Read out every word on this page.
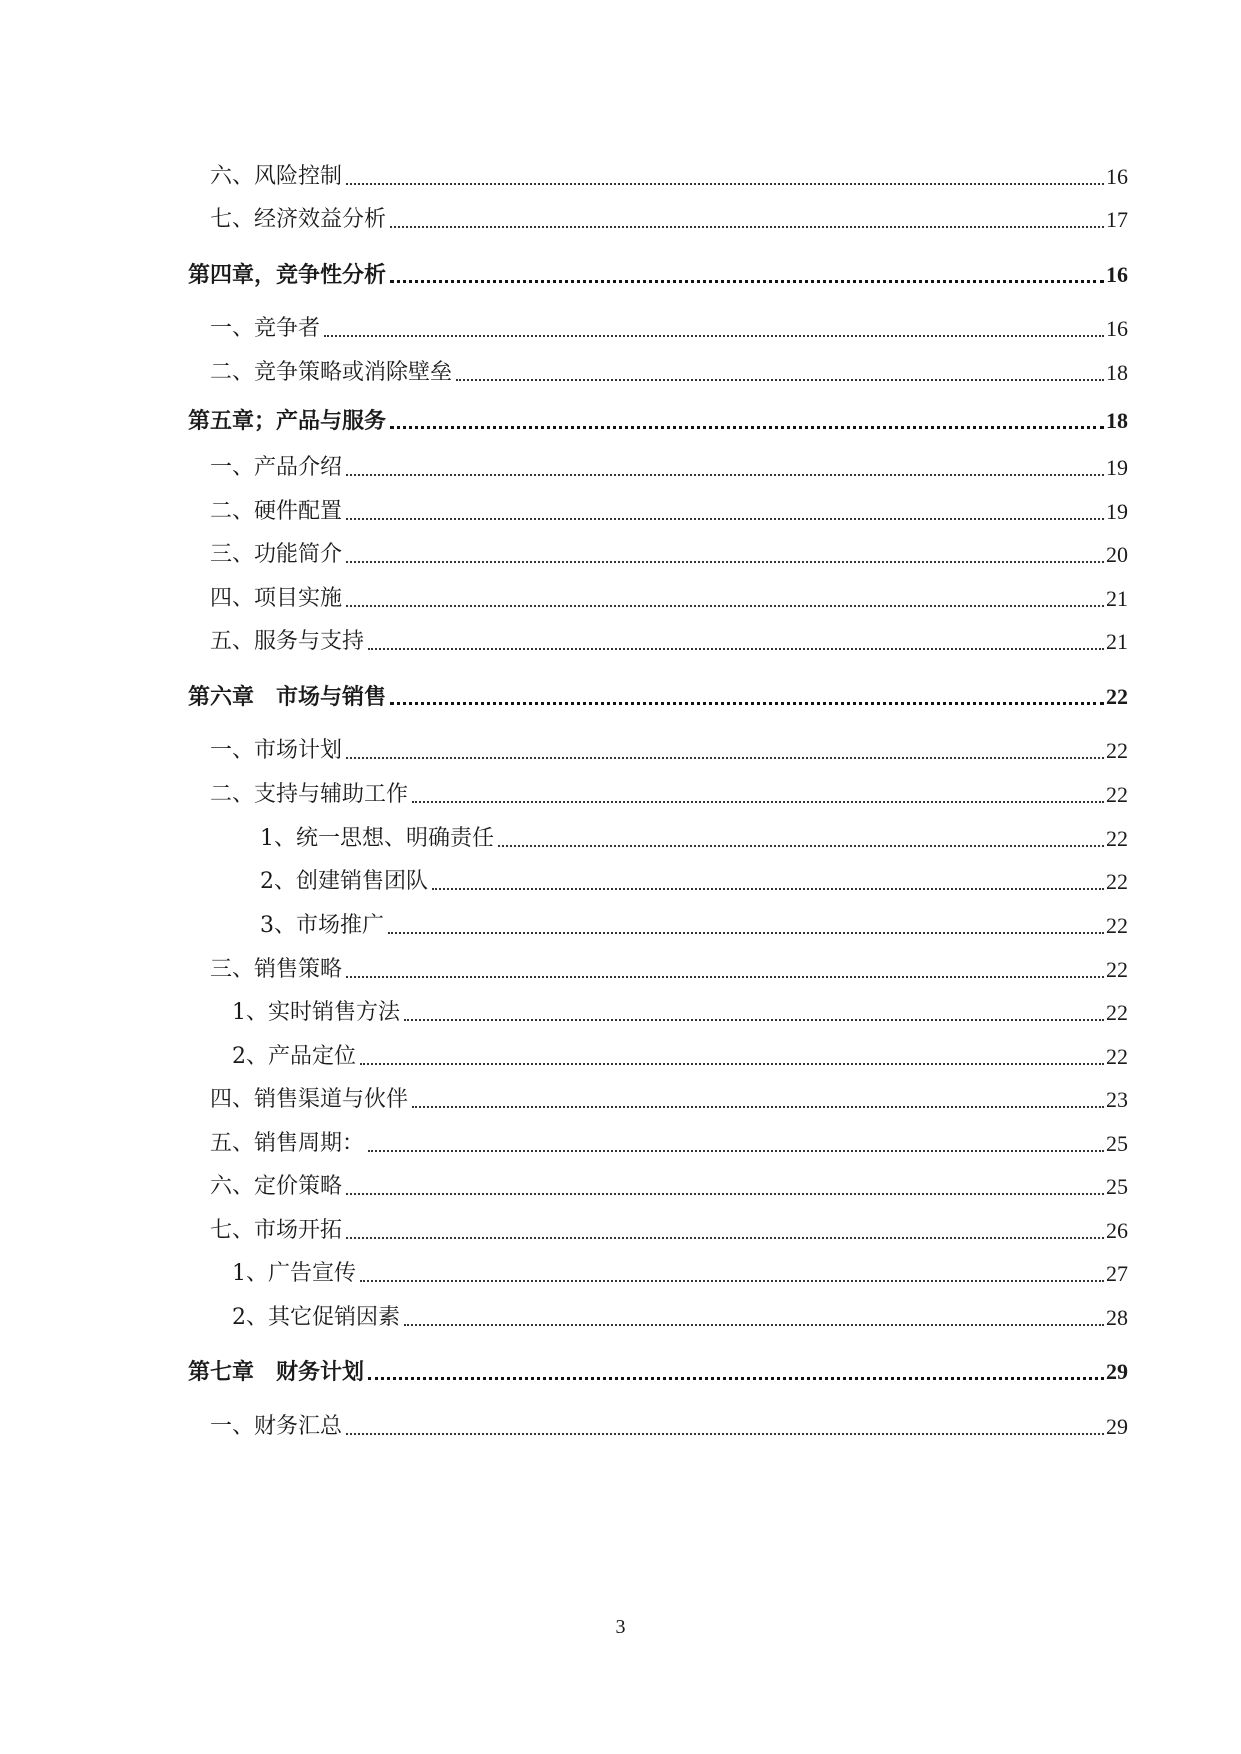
六、风险控制	16
七、经济效益分析	17
第四章，竞争性分析	16
一、竞争者	16
二、竞争策略或消除壁垒	18
第五章；产品与服务	18
一、产品介绍	19
二、硬件配置	19
三、功能简介	20
四、项目实施	21
五、服务与支持	21
第六章　市场与销售	22
一、市场计划	22
二、支持与辅助工作	22
1、统一思想、明确责任	22
2、创建销售团队	22
3、市场推广	22
三、销售策略	22
1、实时销售方法	22
2、产品定位	22
四、销售渠道与伙伴	23
五、销售周期：	25
六、定价策略	25
七、市场开拓	26
1、广告宣传	27
2、其它促销因素	28
第七章　财务计划	29
一、财务汇总	29
3
